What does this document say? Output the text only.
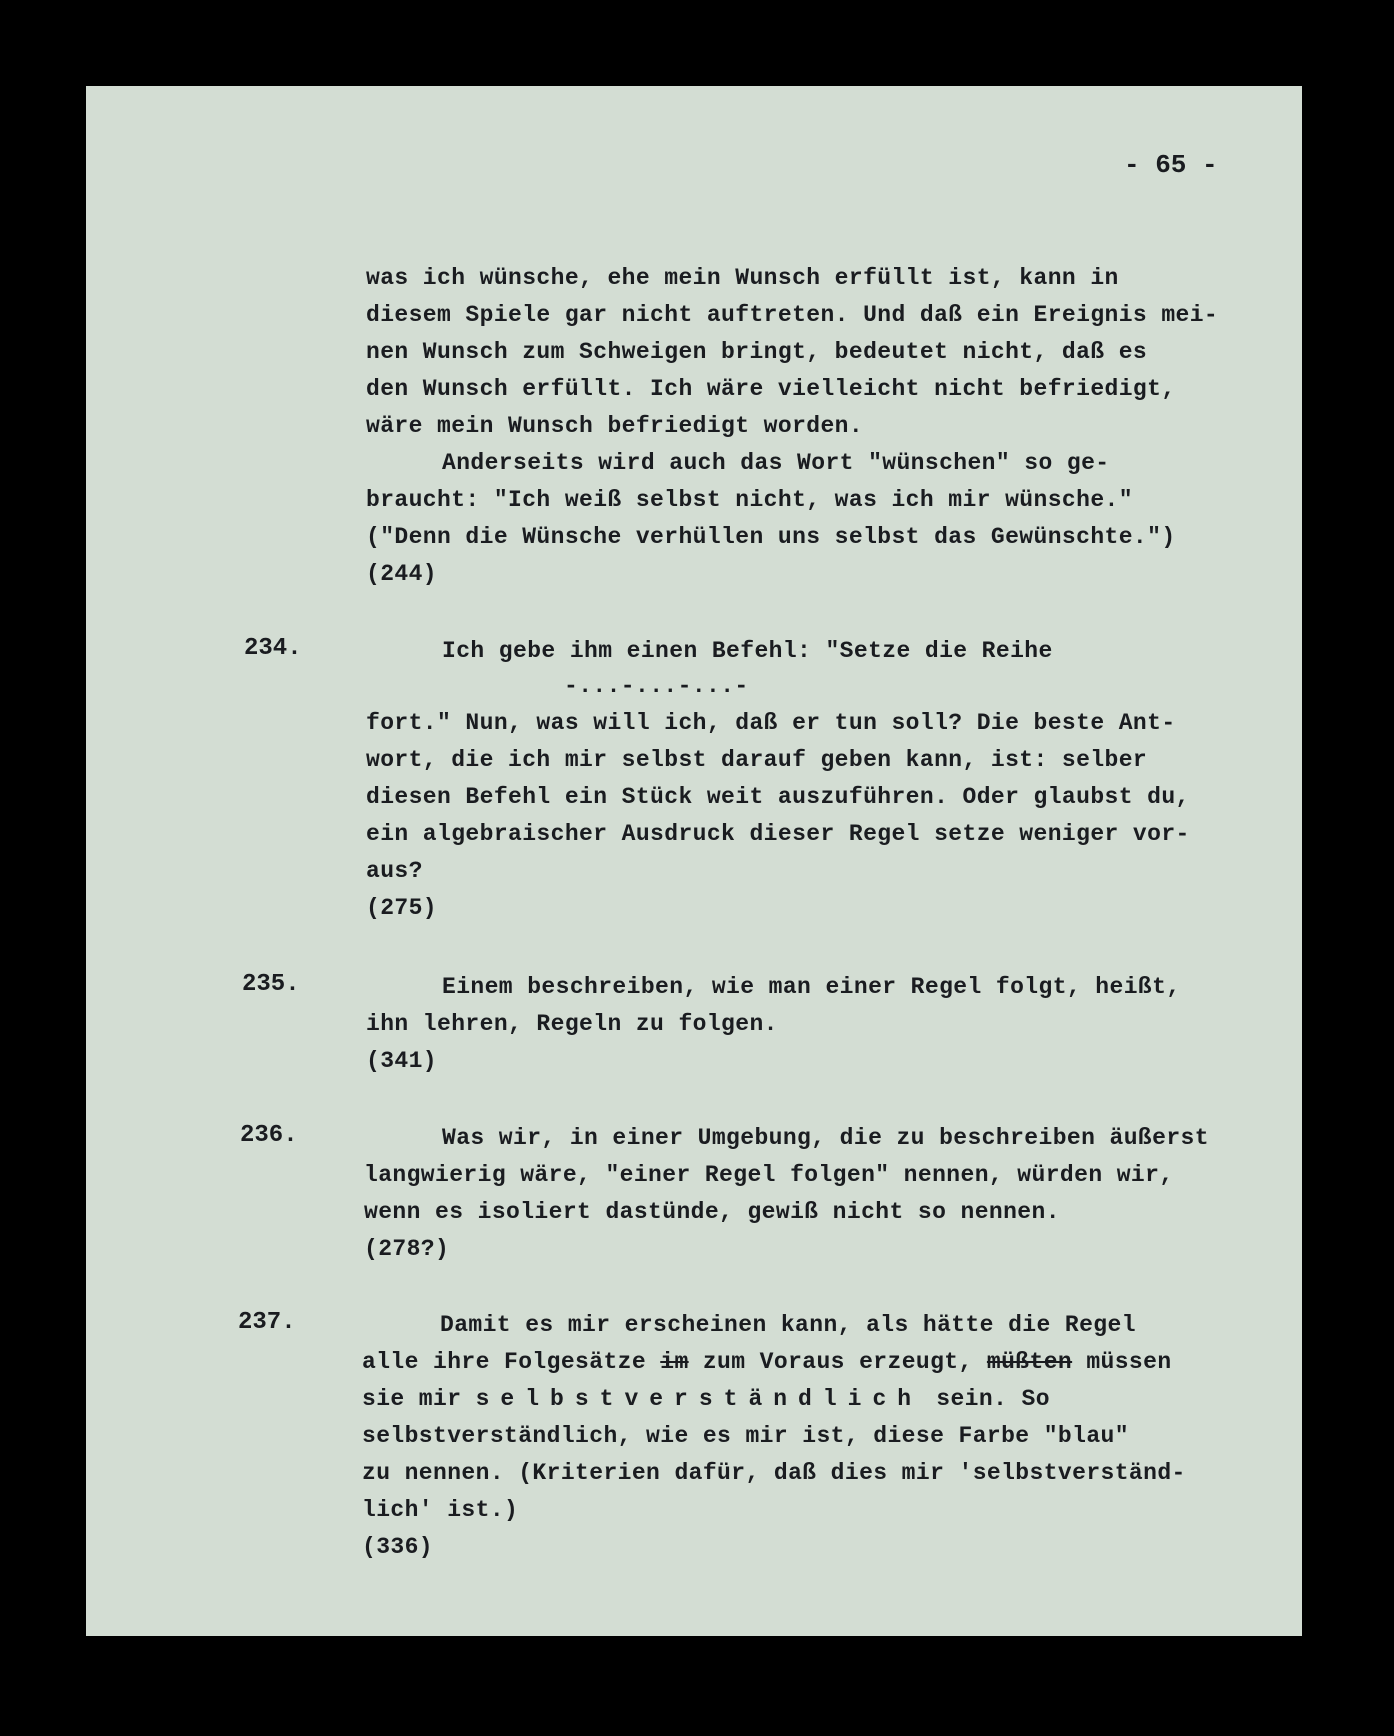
- 65 -
was ich wünsche, ehe mein Wunsch erfüllt ist, kann in
diesem Spiele gar nicht auftreten. Und daß ein Ereignis mei-
nen Wunsch zum Schweigen bringt, bedeutet nicht, daß es
den Wunsch erfüllt. Ich wäre vielleicht nicht befriedigt,
wäre mein Wunsch befriedigt worden.
Anderseits wird auch das Wort "wünschen" so ge-
braucht: "Ich weiß selbst nicht, was ich mir wünsche."
("Denn die Wünsche verhüllen uns selbst das Gewünschte.")
(244)
234.	Ich gebe ihm einen Befehl: "Setze die Reihe
-...-...-...-
fort." Nun, was will ich, daß er tun soll? Die beste Ant-
wort, die ich mir selbst darauf geben kann, ist: selber
diesen Befehl ein Stück weit auszuführen. Oder glaubst du,
ein algebraischer Ausdruck dieser Regel setze weniger vor-
aus?
(275)
235.	Einem beschreiben, wie man einer Regel folgt, heißt,
ihn lehren, Regeln zu folgen.
(341)
236.	Was wir, in einer Umgebung, die zu beschreiben äußerst
langwierig wäre, "einer Regel folgen" nennen, würden wir,
wenn es isoliert dastünde, gewiß nicht so nennen.
(278?)
237.	Damit es mir erscheinen kann, als hätte die Regel
alle ihre Folgesätze im zum Voraus erzeugt, müßten müssen
sie mir selbstverständlich sein. So
selbstverständlich, wie es mir ist, diese Farbe "blau"
zu nennen. (Kriterien dafür, daß dies mir 'selbstverständ-
lich' ist.)
(336)
